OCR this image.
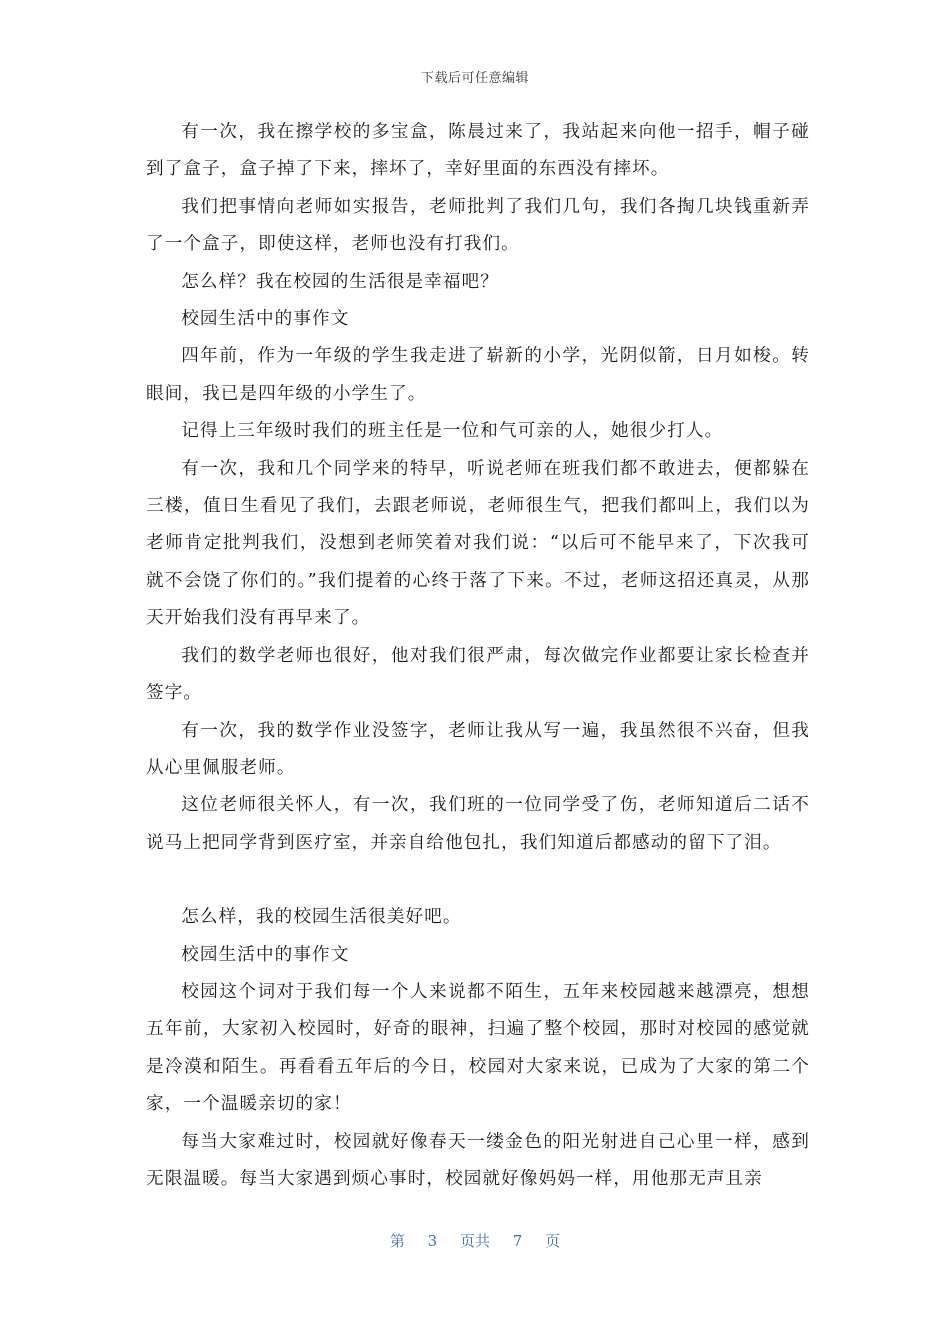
下载后可任意编辑

有一次，我在擦学校的多宝盒，陈晨过来了，我站起来向他一招手，帽子碰到了盒子，盒子掉了下来，摔坏了，幸好里面的东西没有摔坏。

我们把事情向老师如实报告，老师批判了我们几句，我们各掏几块钱重新弄了一个盒子，即使这样，老师也没有打我们。

怎么样？我在校园的生活很是幸福吧？

校园生活中的事作文

四年前，作为一年级的学生我走进了崭新的小学，光阴似箭，日月如梭。转眼间，我已是四年级的小学生了。

记得上三年级时我们的班主任是一位和气可亲的人，她很少打人。

有一次，我和几个同学来的特早，听说老师在班我们都不敢进去，便都躲在三楼，值日生看见了我们，去跟老师说，老师很生气，把我们都叫上，我们以为老师肯定批判我们，没想到老师笑着对我们说：“以后可不能早来了，下次我可就不会饶了你们的。”我们提着的心终于落了下来。不过，老师这招还真灵，从那天开始我们没有再早来了。

我们的数学老师也很好，他对我们很严肃，每次做完作业都要让家长检查并签字。

有一次，我的数学作业没签字，老师让我从写一遍，我虽然很不兴奋，但我从心里佩服老师。

这位老师很关怀人，有一次，我们班的一位同学受了伤，老师知道后二话不说马上把同学背到医疗室，并亲自给他包扎，我们知道后都感动的留下了泪。

怎么样，我的校园生活很美好吧。

校园生活中的事作文

校园这个词对于我们每一个人来说都不陌生，五年来校园越来越漂亮，想想五年前，大家初入校园时，好奇的眼神，扫遍了整个校园，那时对校园的感觉就是冷漠和陌生。再看看五年后的今日，校园对大家来说，已成为了大家的第二个家，一个温暖亲切的家！

每当大家难过时，校园就好像春天一缕金色的阳光射进自己心里一样，感到无限温暖。每当大家遇到烦心事时，校园就好像妈妈一样，用他那无声且亲

第 3 页共 7 页
